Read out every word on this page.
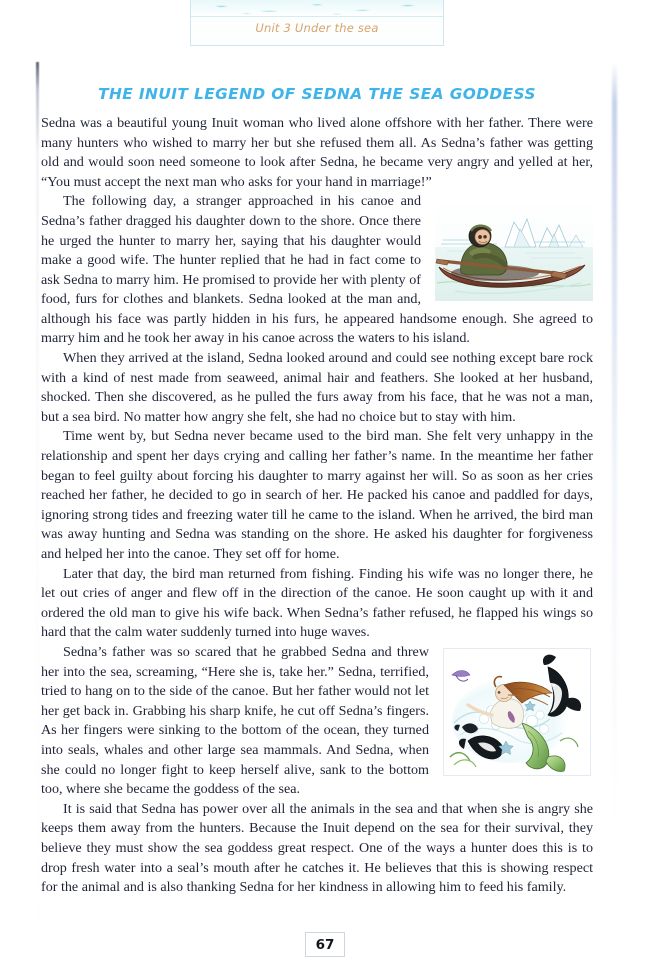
Unit 3 Under the sea
THE INUIT LEGEND OF SEDNA THE SEA GODDESS

Sedna was a beautiful young Inuit woman who lived alone offshore with her father. There were many hunters who wished to marry her but she refused them all. As Sedna’s father was getting old and would soon need someone to look after Sedna, he became very angry and yelled at her, “You must accept the next man who asks for your hand in marriage!”

The following day, a stranger approached in his canoe and Sedna’s father dragged his daughter down to the shore. Once there he urged the hunter to marry her, saying that his daughter would make a good wife. The hunter replied that he had in fact come to ask Sedna to marry him. He promised to provide her with plenty of food, furs for clothes and blankets. Sedna looked at the man and, although his face was partly hidden in his furs, he appeared handsome enough. She agreed to marry him and he took her away in his canoe across the waters to his island.

When they arrived at the island, Sedna looked around and could see nothing except bare rock with a kind of nest made from seaweed, animal hair and feathers. She looked at her husband, shocked. Then she discovered, as he pulled the furs away from his face, that he was not a man, but a sea bird. No matter how angry she felt, she had no choice but to stay with him.

Time went by, but Sedna never became used to the bird man. She felt very unhappy in the relationship and spent her days crying and calling her father’s name. In the meantime her father began to feel guilty about forcing his daughter to marry against her will. So as soon as her cries reached her father, he decided to go in search of her. He packed his canoe and paddled for days, ignoring strong tides and freezing water till he came to the island. When he arrived, the bird man was away hunting and Sedna was standing on the shore. He asked his daughter for forgiveness and helped her into the canoe. They set off for home.

Later that day, the bird man returned from fishing. Finding his wife was no longer there, he let out cries of anger and flew off in the direction of the canoe. He soon caught up with it and ordered the old man to give his wife back. When Sedna’s father refused, he flapped his wings so hard that the calm water suddenly turned into huge waves.

Sedna’s father was so scared that he grabbed Sedna and threw her into the sea, screaming, “Here she is, take her.” Sedna, terrified, tried to hang on to the side of the canoe. But her father would not let her get back in. Grabbing his sharp knife, he cut off Sedna’s fingers. As her fingers were sinking to the bottom of the ocean, they turned into seals, whales and other large sea mammals. And Sedna, when she could no longer fight to keep herself alive, sank to the bottom too, where she became the goddess of the sea.

It is said that Sedna has power over all the animals in the sea and that when she is angry she keeps them away from the hunters. Because the Inuit depend on the sea for their survival, they believe they must show the sea goddess great respect. One of the ways a hunter does this is to drop fresh water into a seal’s mouth after he catches it. He believes that this is showing respect for the animal and is also thanking Sedna for her kindness in allowing him to feed his family.

67
